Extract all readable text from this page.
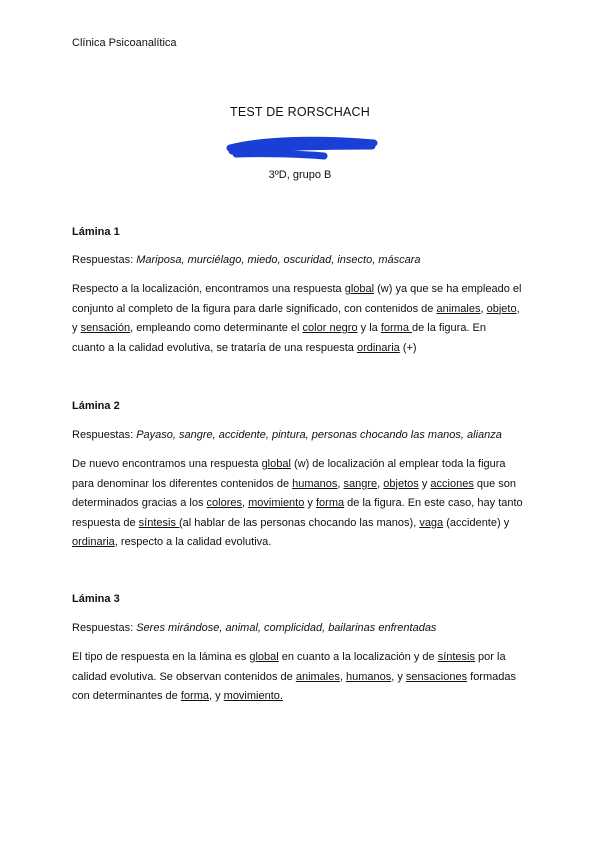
Clínica Psicoanalítica
TEST DE RORSCHACH
3ºD, grupo B
Lámina 1
Respuestas: Mariposa, murciélago, miedo, oscuridad, insecto, máscara
Respecto a la localización, encontramos una respuesta global (w) ya que se ha empleado el
conjunto al completo de la figura para darle significado, con contenidos de animales, objeto,
y sensación, empleando como determinante el color negro y la forma de la figura. En
cuanto a la calidad evolutiva, se trataría de una respuesta ordinaria (+)
Lámina 2
Respuestas: Payaso, sangre, accidente, pintura, personas chocando las manos, alianza
De nuevo encontramos una respuesta global (w) de localización al emplear toda la figura
para denominar los diferentes contenidos de humanos, sangre, objetos y acciones que son
determinados gracias a los colores, movimiento y forma de la figura. En este caso, hay tanto
respuesta de síntesis (al hablar de las personas chocando las manos), vaga (accidente) y
ordinaria, respecto a la calidad evolutiva.
Lámina 3
Respuestas: Seres mirándose, animal, complicidad, bailarinas enfrentadas
El tipo de respuesta en la lámina es global en cuanto a la localización y de síntesis por la
calidad evolutiva. Se observan contenidos de animales, humanos, y sensaciones formadas
con determinantes de forma, y movimiento.
